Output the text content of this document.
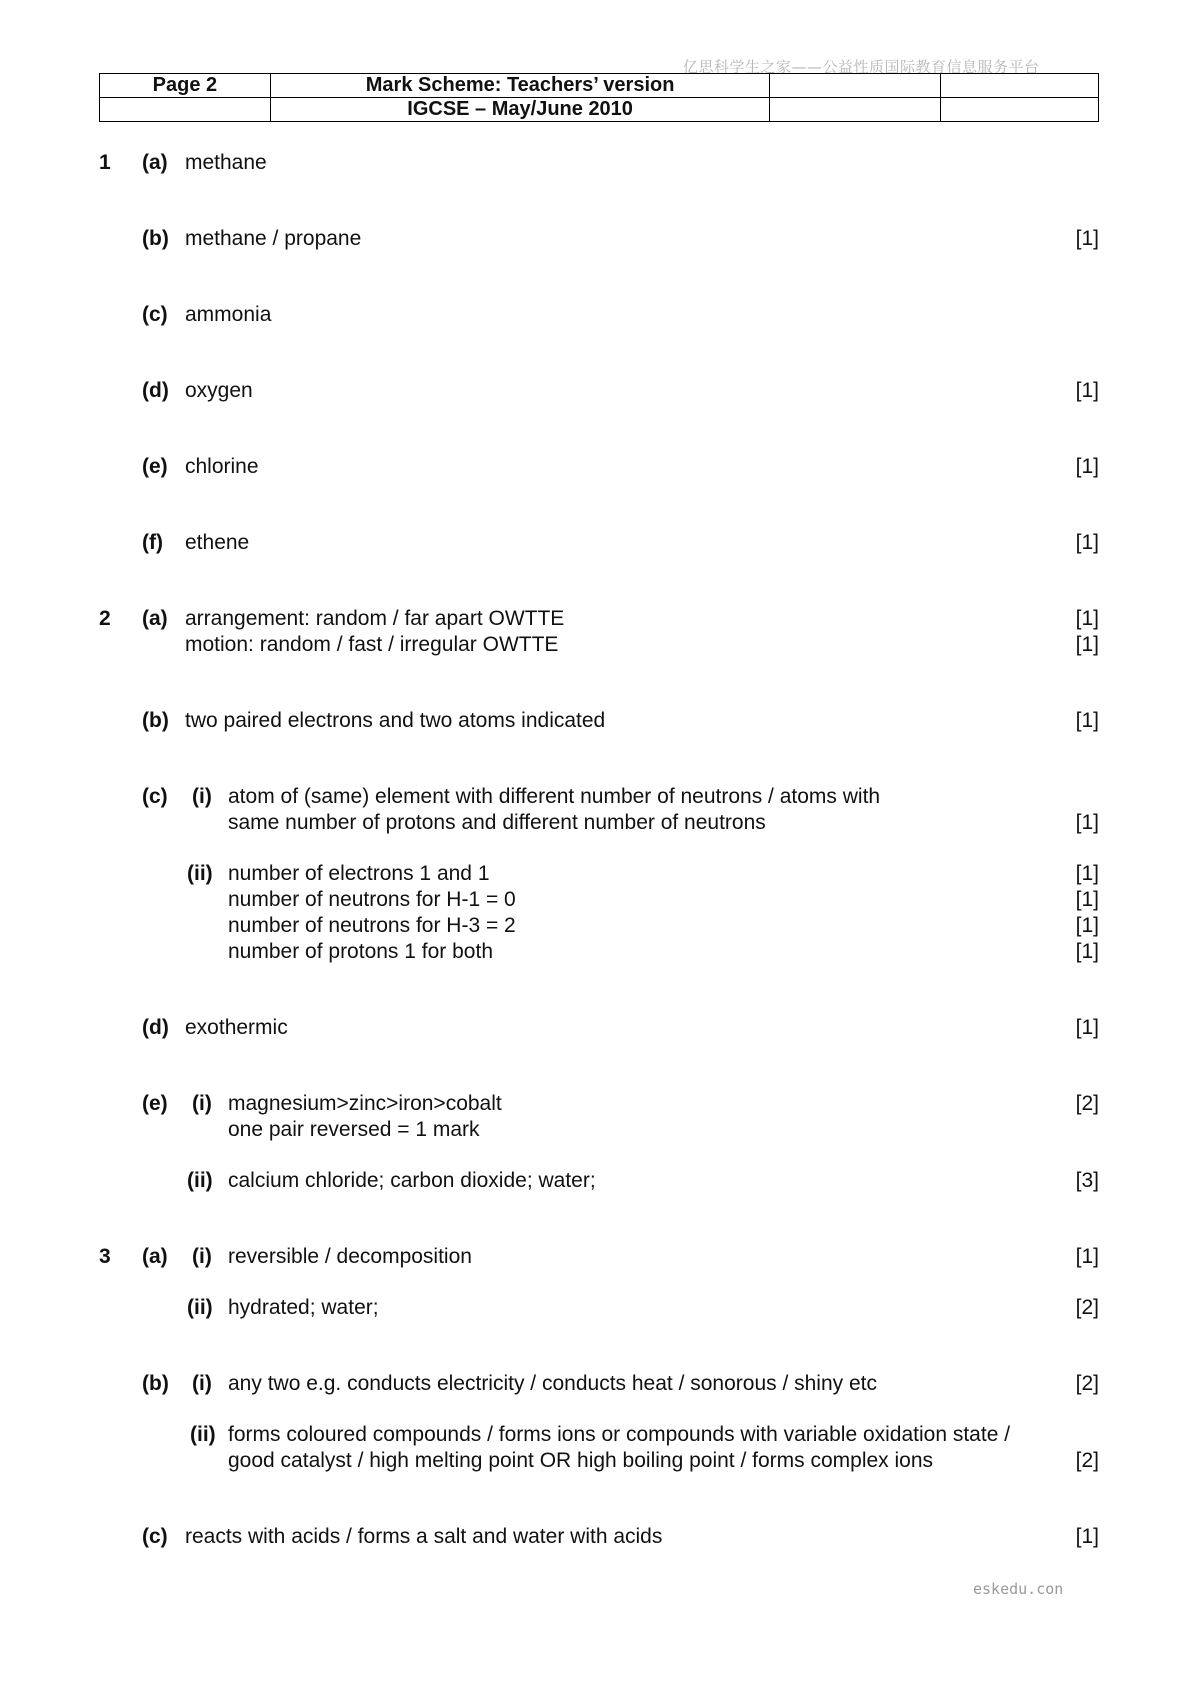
亿思科学生之家——公益性质国际教育信息服务平台
Page 2	Mark Scheme: Teachers’ version		
	IGCSE – May/June 2010		
1 (a) methane
(b) methane / propane	[1]
(c) ammonia
(d) oxygen	[1]
(e) chlorine	[1]
(f) ethene	[1]
2 (a) arrangement: random / far apart OWTTE	[1]
motion: random / fast / irregular OWTTE	[1]
(b) two paired electrons and two atoms indicated	[1]
(c) (i) atom of (same) element with different number of neutrons / atoms with
same number of protons and different number of neutrons	[1]
(ii) number of electrons 1 and 1	[1]
number of neutrons for H-1 = 0	[1]
number of neutrons for H-3 = 2	[1]
number of protons 1 for both	[1]
(d) exothermic	[1]
(e) (i) magnesium>zinc>iron>cobalt	[2]
one pair reversed = 1 mark
(ii) calcium chloride; carbon dioxide; water;	[3]
3 (a) (i) reversible / decomposition	[1]
(ii) hydrated; water;	[2]
(b) (i) any two e.g. conducts electricity / conducts heat / sonorous / shiny etc	[2]
(ii) forms coloured compounds / forms ions or compounds with variable oxidation state /
good catalyst / high melting point OR high boiling point / forms complex ions	[2]
(c) reacts with acids / forms a salt and water with acids	[1]
eskedu.con
